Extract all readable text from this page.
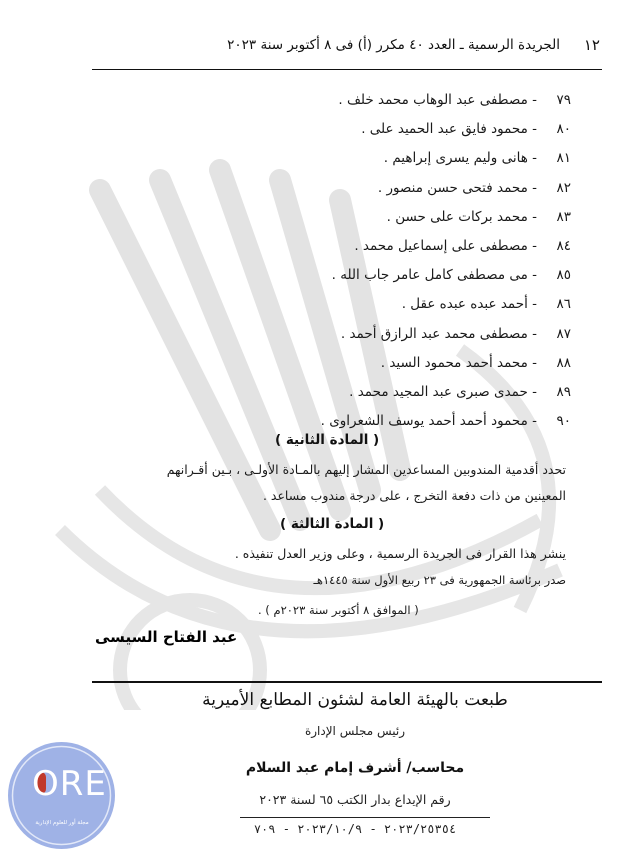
١٢
الجريدة الرسمية ـ العدد ٤٠ مكرر (أ) فى ٨ أكتوبر سنة ٢٠٢٣
٧٩- مصطفى عبد الوهاب محمد خلف .
٨٠- محمود فايق عبد الحميد على .
٨١- هانى وليم يسرى إبراهيم .
٨٢- محمد فتحى حسن منصور .
٨٣- محمد بركات على حسن .
٨٤- مصطفى على إسماعيل محمد .
٨٥- مى مصطفى كامل عامر جاب الله .
٨٦- أحمد عبده عبده عقل .
٨٧- مصطفى محمد عبد الرازق أحمد .
٨٨- محمد أحمد محمود السيد .
٨٩- حمدى صبرى عبد المجيد محمد .
٩٠- محمود أحمد أحمد يوسف الشعراوى .
( المادة الثانية )
تحدد أقدمية المندوبين المساعدين المشار إليهم بالمـادة الأولـى ، بـين أقـرانهم
المعينين من ذات دفعة التخرج ، على درجة مندوب مساعد .
( المادة الثالثة )
ينشر هذا القرار فى الجريدة الرسمية ، وعلى وزير العدل تنفيذه .
صدر برئاسة الجمهورية فى ٢٣ ربيع الأول سنة ١٤٤٥هـ
( الموافق ٨ أكتوبر سنة ٢٠٢٣م ) .
عبد الفتاح السيسى
طبعت بالهيئة العامة لشئون المطابع الأميرية
رئيس مجلس الإدارة
محاسب/ أشرف إمام عبد السلام
رقم الإيداع بدار الكتب ٦٥ لسنة ٢٠٢٣
٢٠٢٣/٢٥٣٥٤ - ٢٠٢٣/١٠/٩ - ٧٠٩
ORE
مجلة أور للعلوم الإدارية
